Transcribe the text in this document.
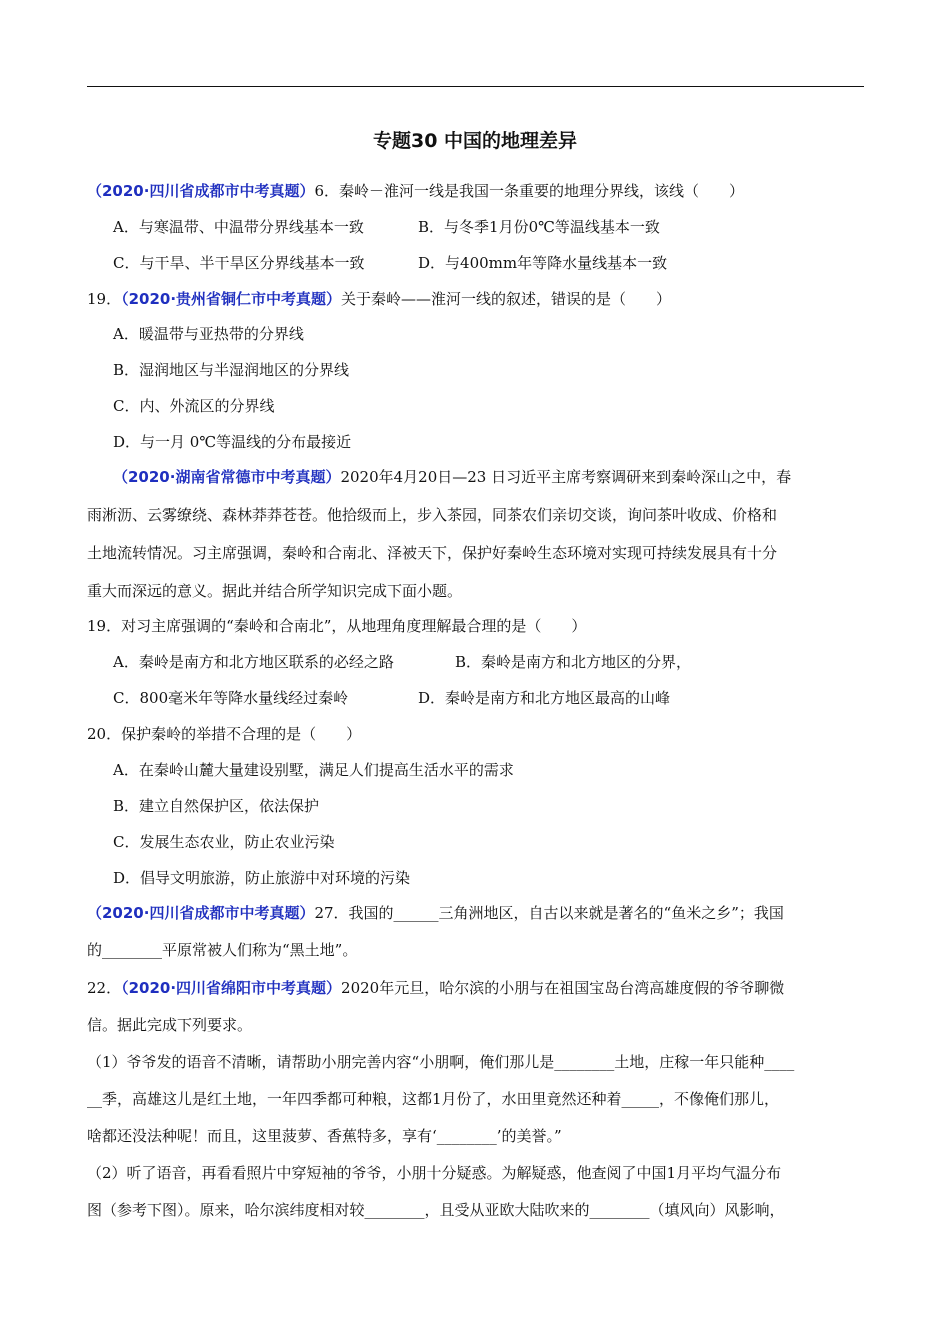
专题30 中国的地理差异
（2020·四川省成都市中考真题）6．秦岭－淮河一线是我国一条重要的地理分界线，该线（　　）
A．与寒温带、中温带分界线基本一致	B．与冬季1月份0℃等温线基本一致
C．与干旱、半干旱区分界线基本一致	D．与400mm年等降水量线基本一致
19．（2020·贵州省铜仁市中考真题）关于秦岭——淮河一线的叙述，错误的是（　　）
A．暖温带与亚热带的分界线
B．湿润地区与半湿润地区的分界线
C．内、外流区的分界线
D．与一月 0℃等温线的分布最接近
（2020·湖南省常德市中考真题）2020年4月20日—23 日习近平主席考察调研来到秦岭深山之中，春
雨淅沥、云雾缭绕、森林莽莽苍苍。他拾级而上，步入茶园，同茶农们亲切交谈，询问茶叶收成、价格和
土地流转情况。习主席强调，秦岭和合南北、泽被天下，保护好秦岭生态环境对实现可持续发展具有十分
重大而深远的意义。据此并结合所学知识完成下面小题。
19．对习主席强调的“秦岭和合南北”，从地理角度理解最合理的是（　　）
A．秦岭是南方和北方地区联系的必经之路	B．秦岭是南方和北方地区的分界，
C．800毫米年等降水量线经过秦岭	D．秦岭是南方和北方地区最高的山峰
20．保护秦岭的举措不合理的是（　　）
A．在秦岭山麓大量建设别墅，满足人们提高生活水平的需求
B．建立自然保护区，依法保护
C．发展生态农业，防止农业污染
D．倡导文明旅游，防止旅游中对环境的污染
（2020·四川省成都市中考真题）27．我国的______三角洲地区，自古以来就是著名的“鱼米之乡”；我国
的________平原常被人们称为“黑土地”。
22．（2020·四川省绵阳市中考真题）2020年元旦，哈尔滨的小朋与在祖国宝岛台湾高雄度假的爷爷聊微
信。据此完成下列要求。
（1）爷爷发的语音不清晰，请帮助小朋完善内容“小朋啊，俺们那儿是________土地，庄稼一年只能种____
__季，高雄这儿是红土地，一年四季都可种粮，这都1月份了，水田里竟然还种着_____，不像俺们那儿，
啥都还没法种呢！而且，这里菠萝、香蕉特多，享有‘________’的美誉。”
（2）听了语音，再看看照片中穿短袖的爷爷，小朋十分疑惑。为解疑惑，他查阅了中国1月平均气温分布
图（参考下图）。原来，哈尔滨纬度相对较________，且受从亚欧大陆吹来的________（填风向）风影响，
